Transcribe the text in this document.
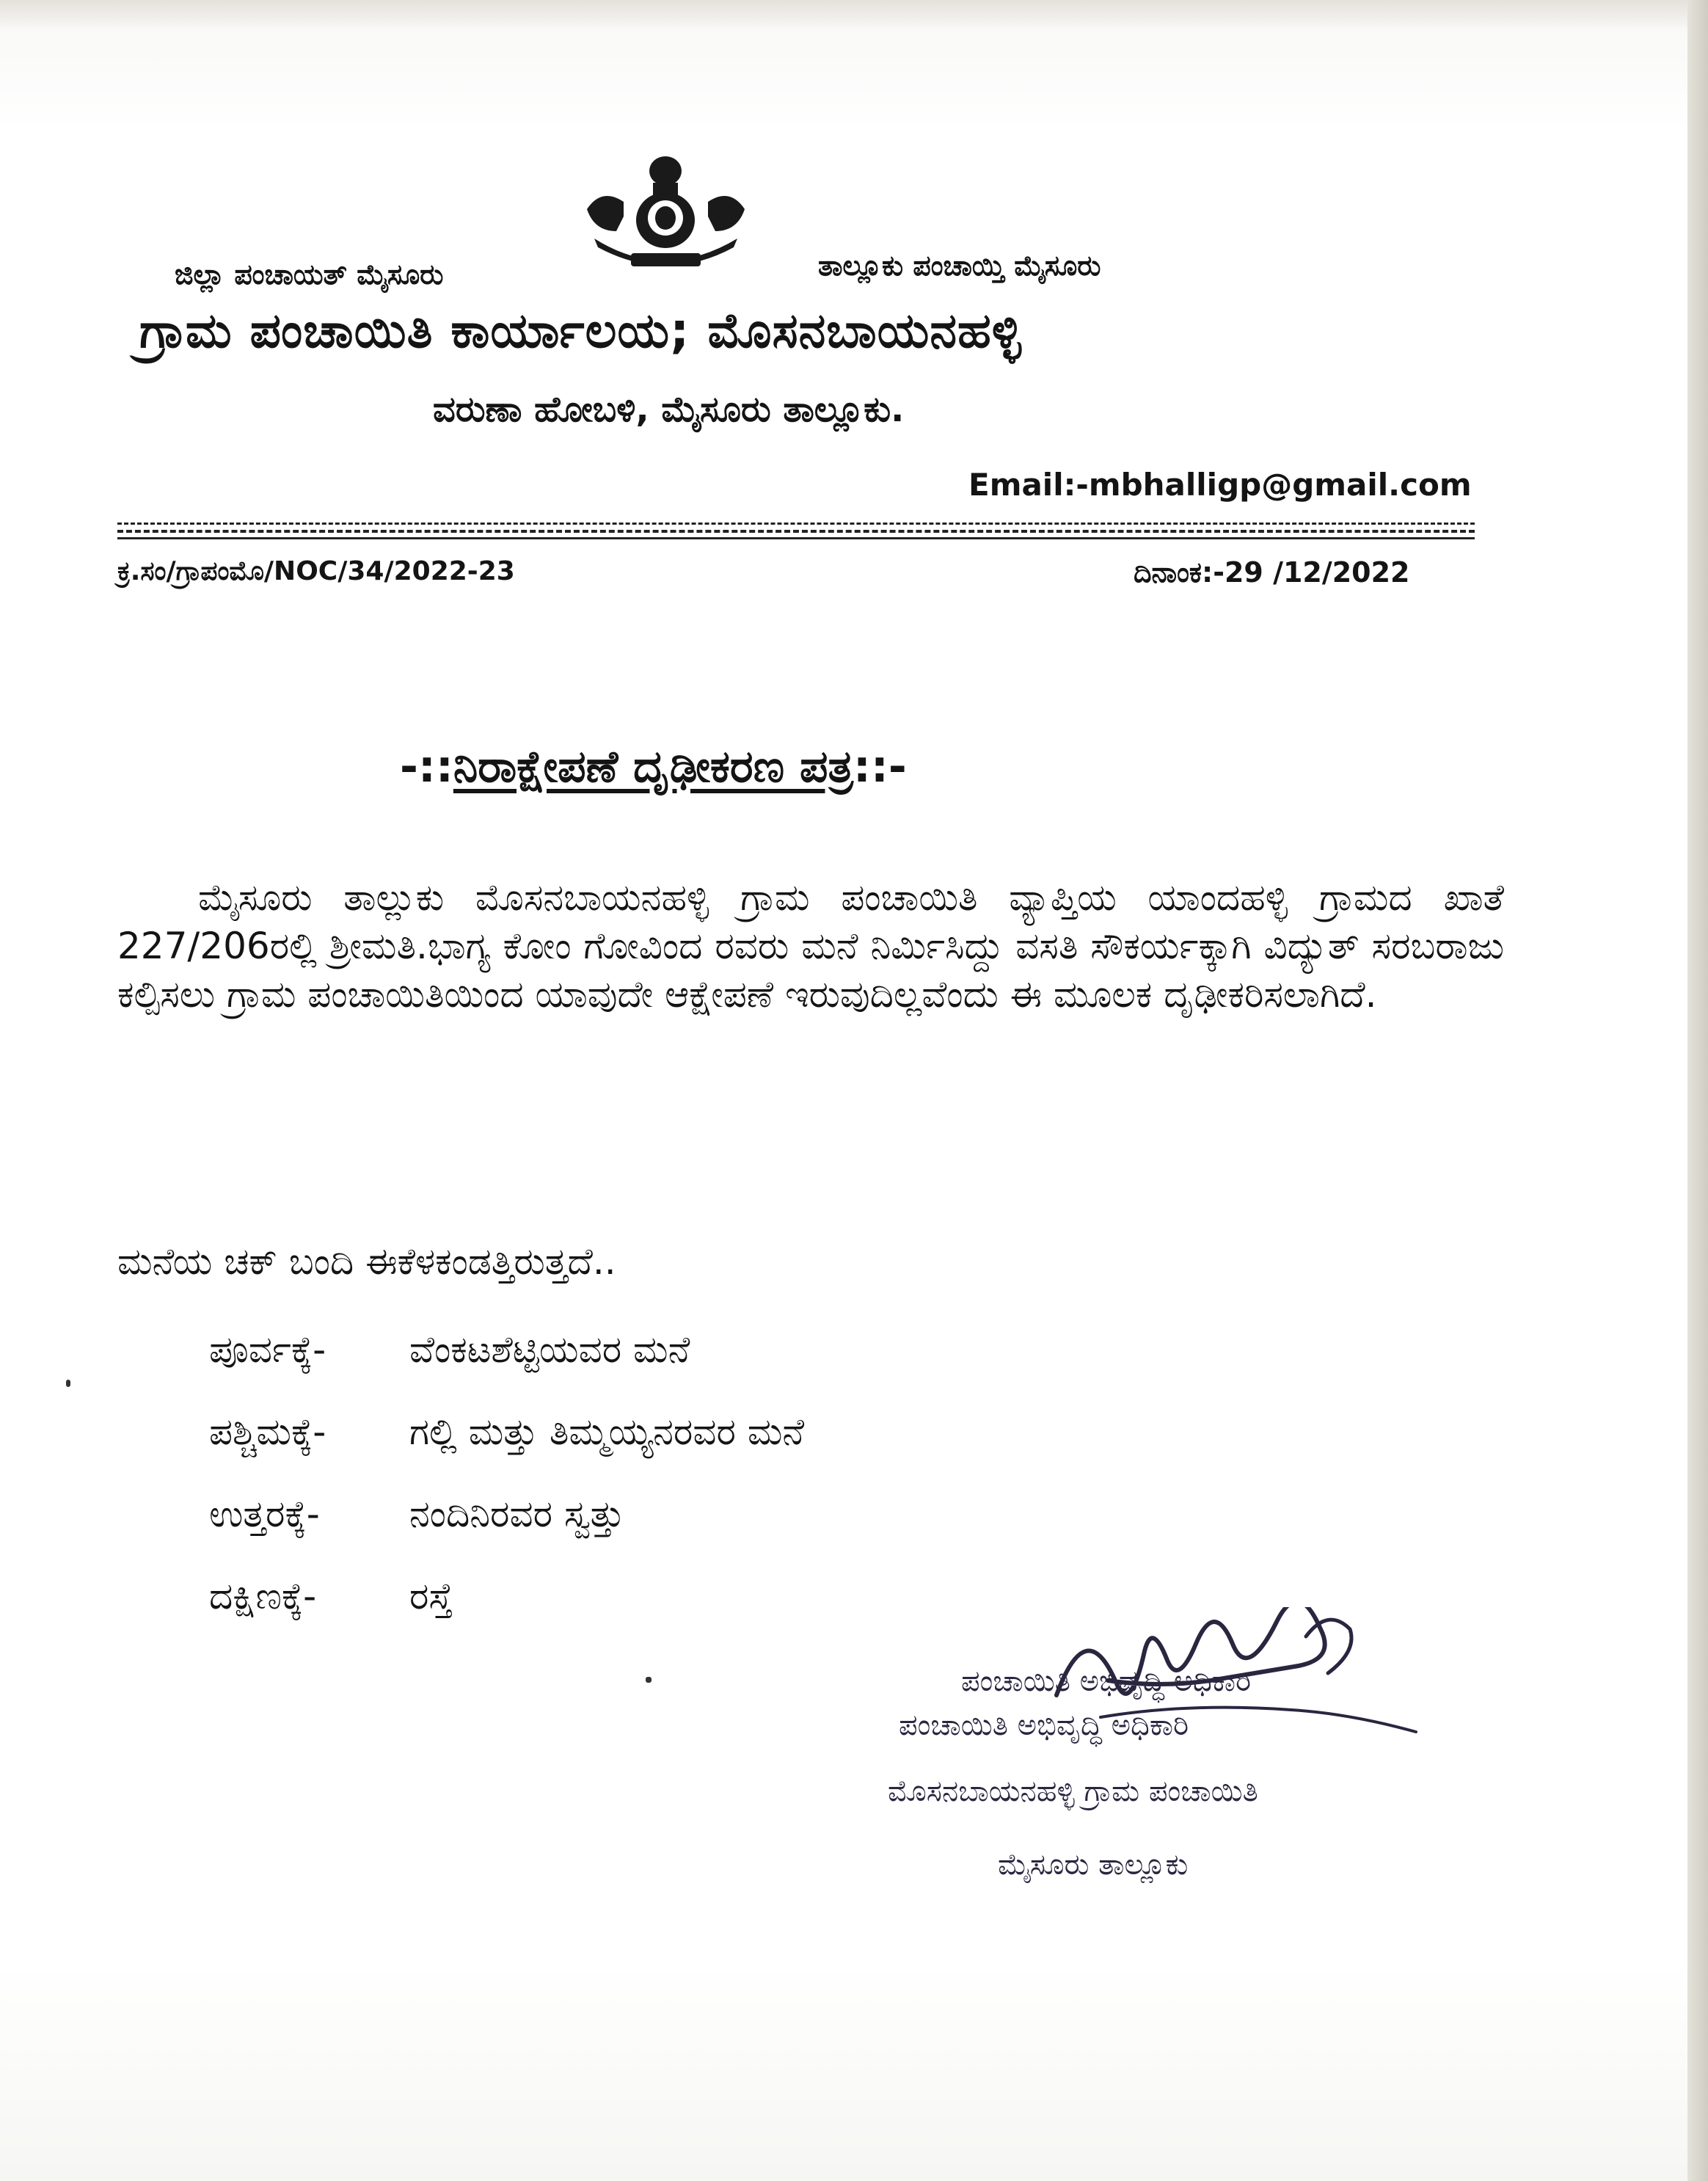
ಜಿಲ್ಲಾ ಪಂಚಾಯತ್ ಮೈಸೂರು	ತಾಲ್ಲೂಕು ಪಂಚಾಯ್ತಿ ಮೈಸೂರು
ಗ್ರಾಮ ಪಂಚಾಯಿತಿ ಕಾರ್ಯಾಲಯ; ಮೊಸನಬಾಯನಹಳ್ಳಿ
ವರುಣಾ ಹೋಬಳಿ, ಮೈಸೂರು ತಾಲ್ಲೂಕು.
Email:-mbhalligp@gmail.com
ಕ್ರ.ಸಂ/ಗ್ರಾಪಂಮೊ/NOC/34/2022-23	ದಿನಾಂಕ:-29 /12/2022
-::ನಿರಾಕ್ಷೇಪಣೆ ದೃಢೀಕರಣ ಪತ್ರ::-
ಮೈಸೂರು ತಾಲ್ಲುಕು ಮೊಸನಬಾಯನಹಳ್ಳಿ ಗ್ರಾಮ ಪಂಚಾಯಿತಿ ವ್ಯಾಪ್ತಿಯ ಯಾಂದಹಳ್ಳಿ ಗ್ರಾಮದ ಖಾತೆ 227/206ರಲ್ಲಿ ಶ್ರೀಮತಿ.ಭಾಗ್ಯ ಕೋಂ ಗೋವಿಂದ ರವರು ಮನೆ ನಿರ್ಮಿಸಿದ್ದು ವಸತಿ ಸೌಕರ್ಯಕ್ಕಾಗಿ ವಿದ್ಯುತ್ ಸರಬರಾಜು ಕಲ್ಪಿಸಲು ಗ್ರಾಮ ಪಂಚಾಯಿತಿಯಿಂದ ಯಾವುದೇ ಆಕ್ಷೇಪಣೆ ಇರುವುದಿಲ್ಲವೆಂದು ಈ ಮೂಲಕ ದೃಢೀಕರಿಸಲಾಗಿದೆ.
ಮನೆಯ ಚಕ್ ಬಂದಿ ಈಕೆಳಕಂಡತ್ತಿರುತ್ತದೆ..
ಪೂರ್ವಕ್ಕೆ- ವೆಂಕಟಶೆಟ್ಟಿಯವರ ಮನೆ
ಪಶ್ಚಿಮಕ್ಕೆ- ಗಲ್ಲಿ ಮತ್ತು ತಿಮ್ಮಯ್ಯನರವರ ಮನೆ
ಉತ್ತರಕ್ಕೆ- ನಂದಿನಿರವರ ಸ್ವತ್ತು
ದಕ್ಷಿಣಕ್ಕೆ-	ರಸ್ತೆ
ಪಂಚಾಯಿತಿ ಅಭಿವೃದ್ಧಿ ಅಧಿಕಾರಿ
ಪಂಚಾಯಿತಿ ಅಭಿವೃದ್ಧಿ ಅಧಿಕಾರಿ
ಮೊಸನಬಾಯನಹಳ್ಳಿ ಗ್ರಾಮ ಪಂಚಾಯಿತಿ
ಮೈಸೂರು ತಾಲ್ಲೂಕು
